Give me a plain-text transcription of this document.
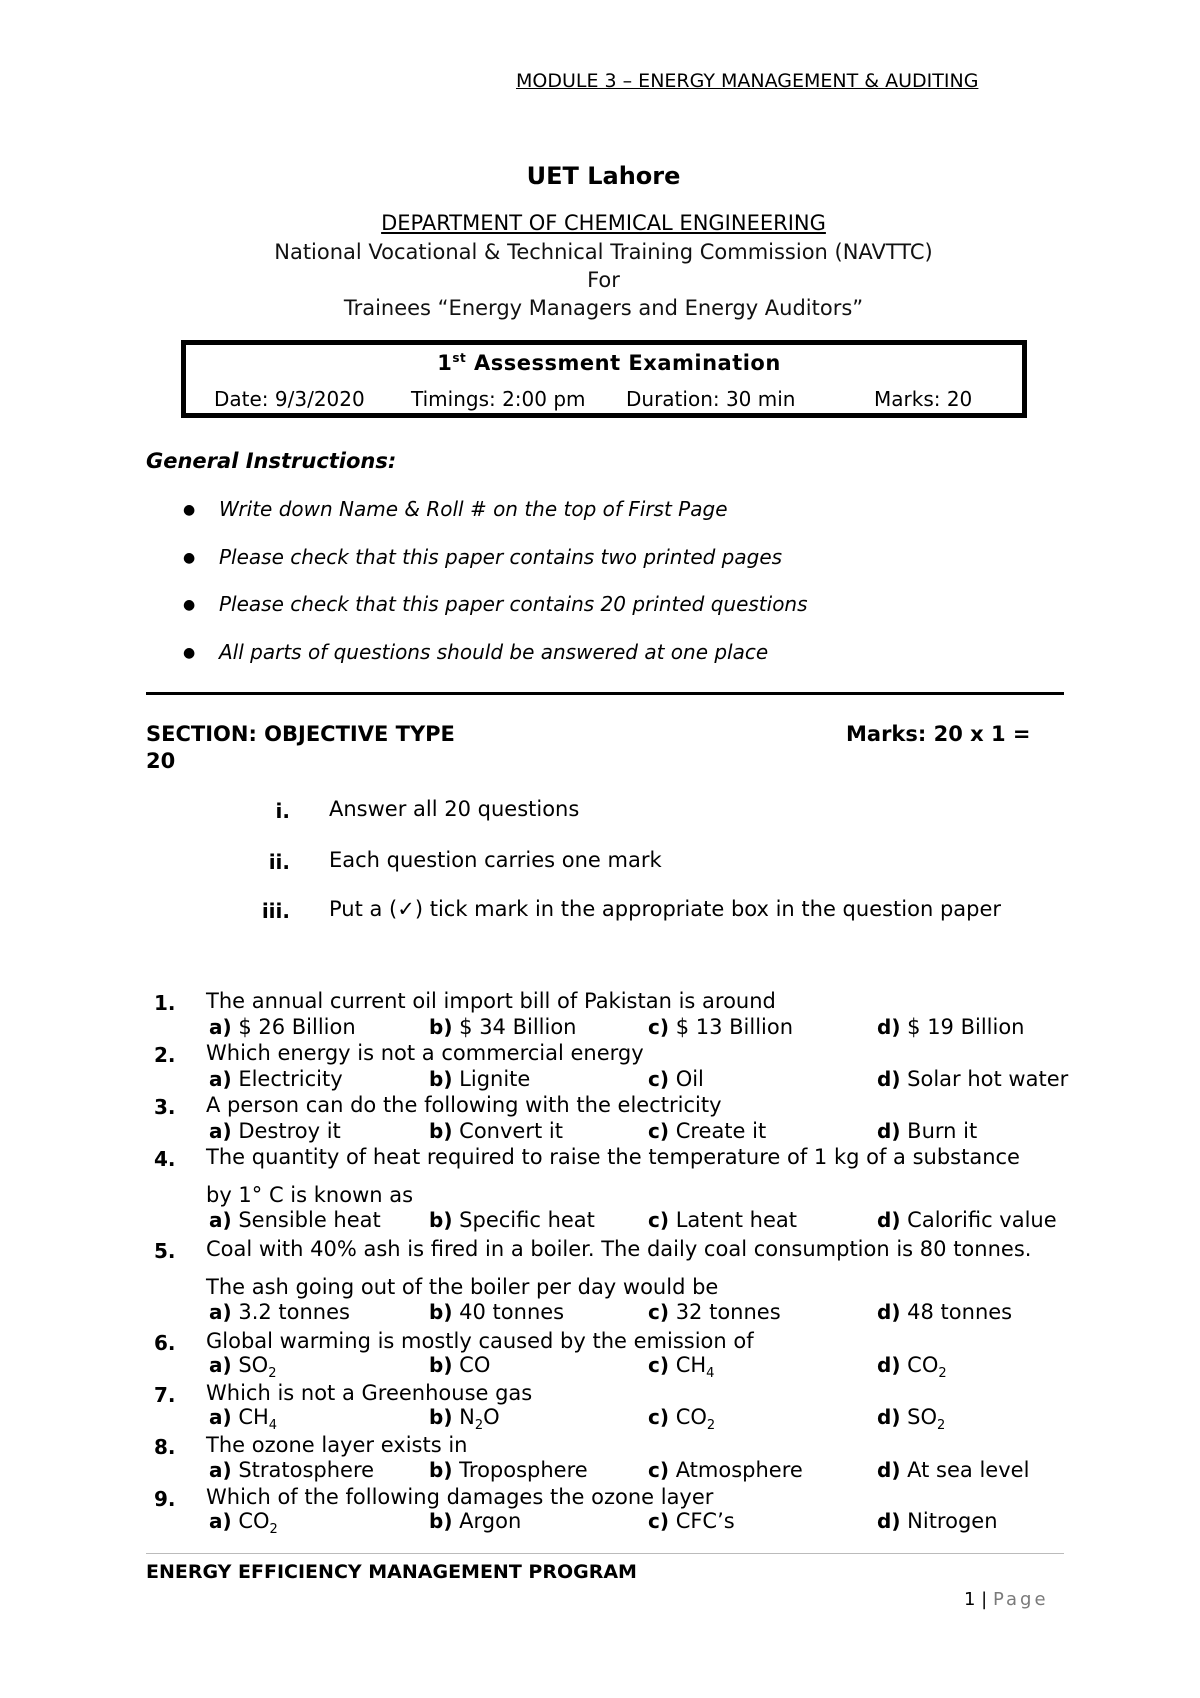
MODULE 3 – ENERGY MANAGEMENT & AUDITING
UET Lahore
DEPARTMENT OF CHEMICAL ENGINEERING
National Vocational & Technical Training Commission (NAVTTC)
For
Trainees “Energy Managers and Energy Auditors”
1st Assessment Examination
Date: 9/3/2020 Timings: 2:00 pm Duration: 30 min	Marks: 20
General Instructions:
● Write down Name & Roll # on the top of First Page
● Please check that this paper contains two printed pages
● Please check that this paper contains 20 printed questions
● All parts of questions should be answered at one place
SECTION: OBJECTIVE TYPE	Marks: 20 x 1 =
20
i. Answer all 20 questions
ii. Each question carries one mark
iii. Put a (✓) tick mark in the appropriate box in the question paper
1. The annual current oil import bill of Pakistan is around
a) $ 26 Billion	b) $ 34 Billion	c) $ 13 Billion	d) $ 19 Billion
2. Which energy is not a commercial energy
a) Electricity	b) Lignite	c) Oil	d) Solar hot water
3. A person can do the following with the electricity
a) Destroy it	b) Convert it	c) Create it	d) Burn it
4. The quantity of heat required to raise the temperature of 1 kg of a substance
by 1° C is known as
a) Sensible heat b) Specific heat	c) Latent heat	d) Calorific value
5. Coal with 40% ash is fired in a boiler. The daily coal consumption is 80 tonnes.
The ash going out of the boiler per day would be
a) 3.2 tonnes	b) 40 tonnes	c) 32 tonnes	d) 48 tonnes
6. Global warming is mostly caused by the emission of
a) $SO_2$	b) CO	c) $CH_4$	d) $CO_2$
7. Which is not a Greenhouse gas
a) $CH_4$	b) $N_2O$	c) $CO_2$	d) $SO_2$
8. The ozone layer exists in
a) Stratosphere	b) Troposphere	c) Atmosphere	d) At sea level
9. Which of the following damages the ozone layer
a) $CO_2$	b) Argon	c) CFC’s	d) Nitrogen
ENERGY EFFICIENCY MANAGEMENT PROGRAM
1 | Page
